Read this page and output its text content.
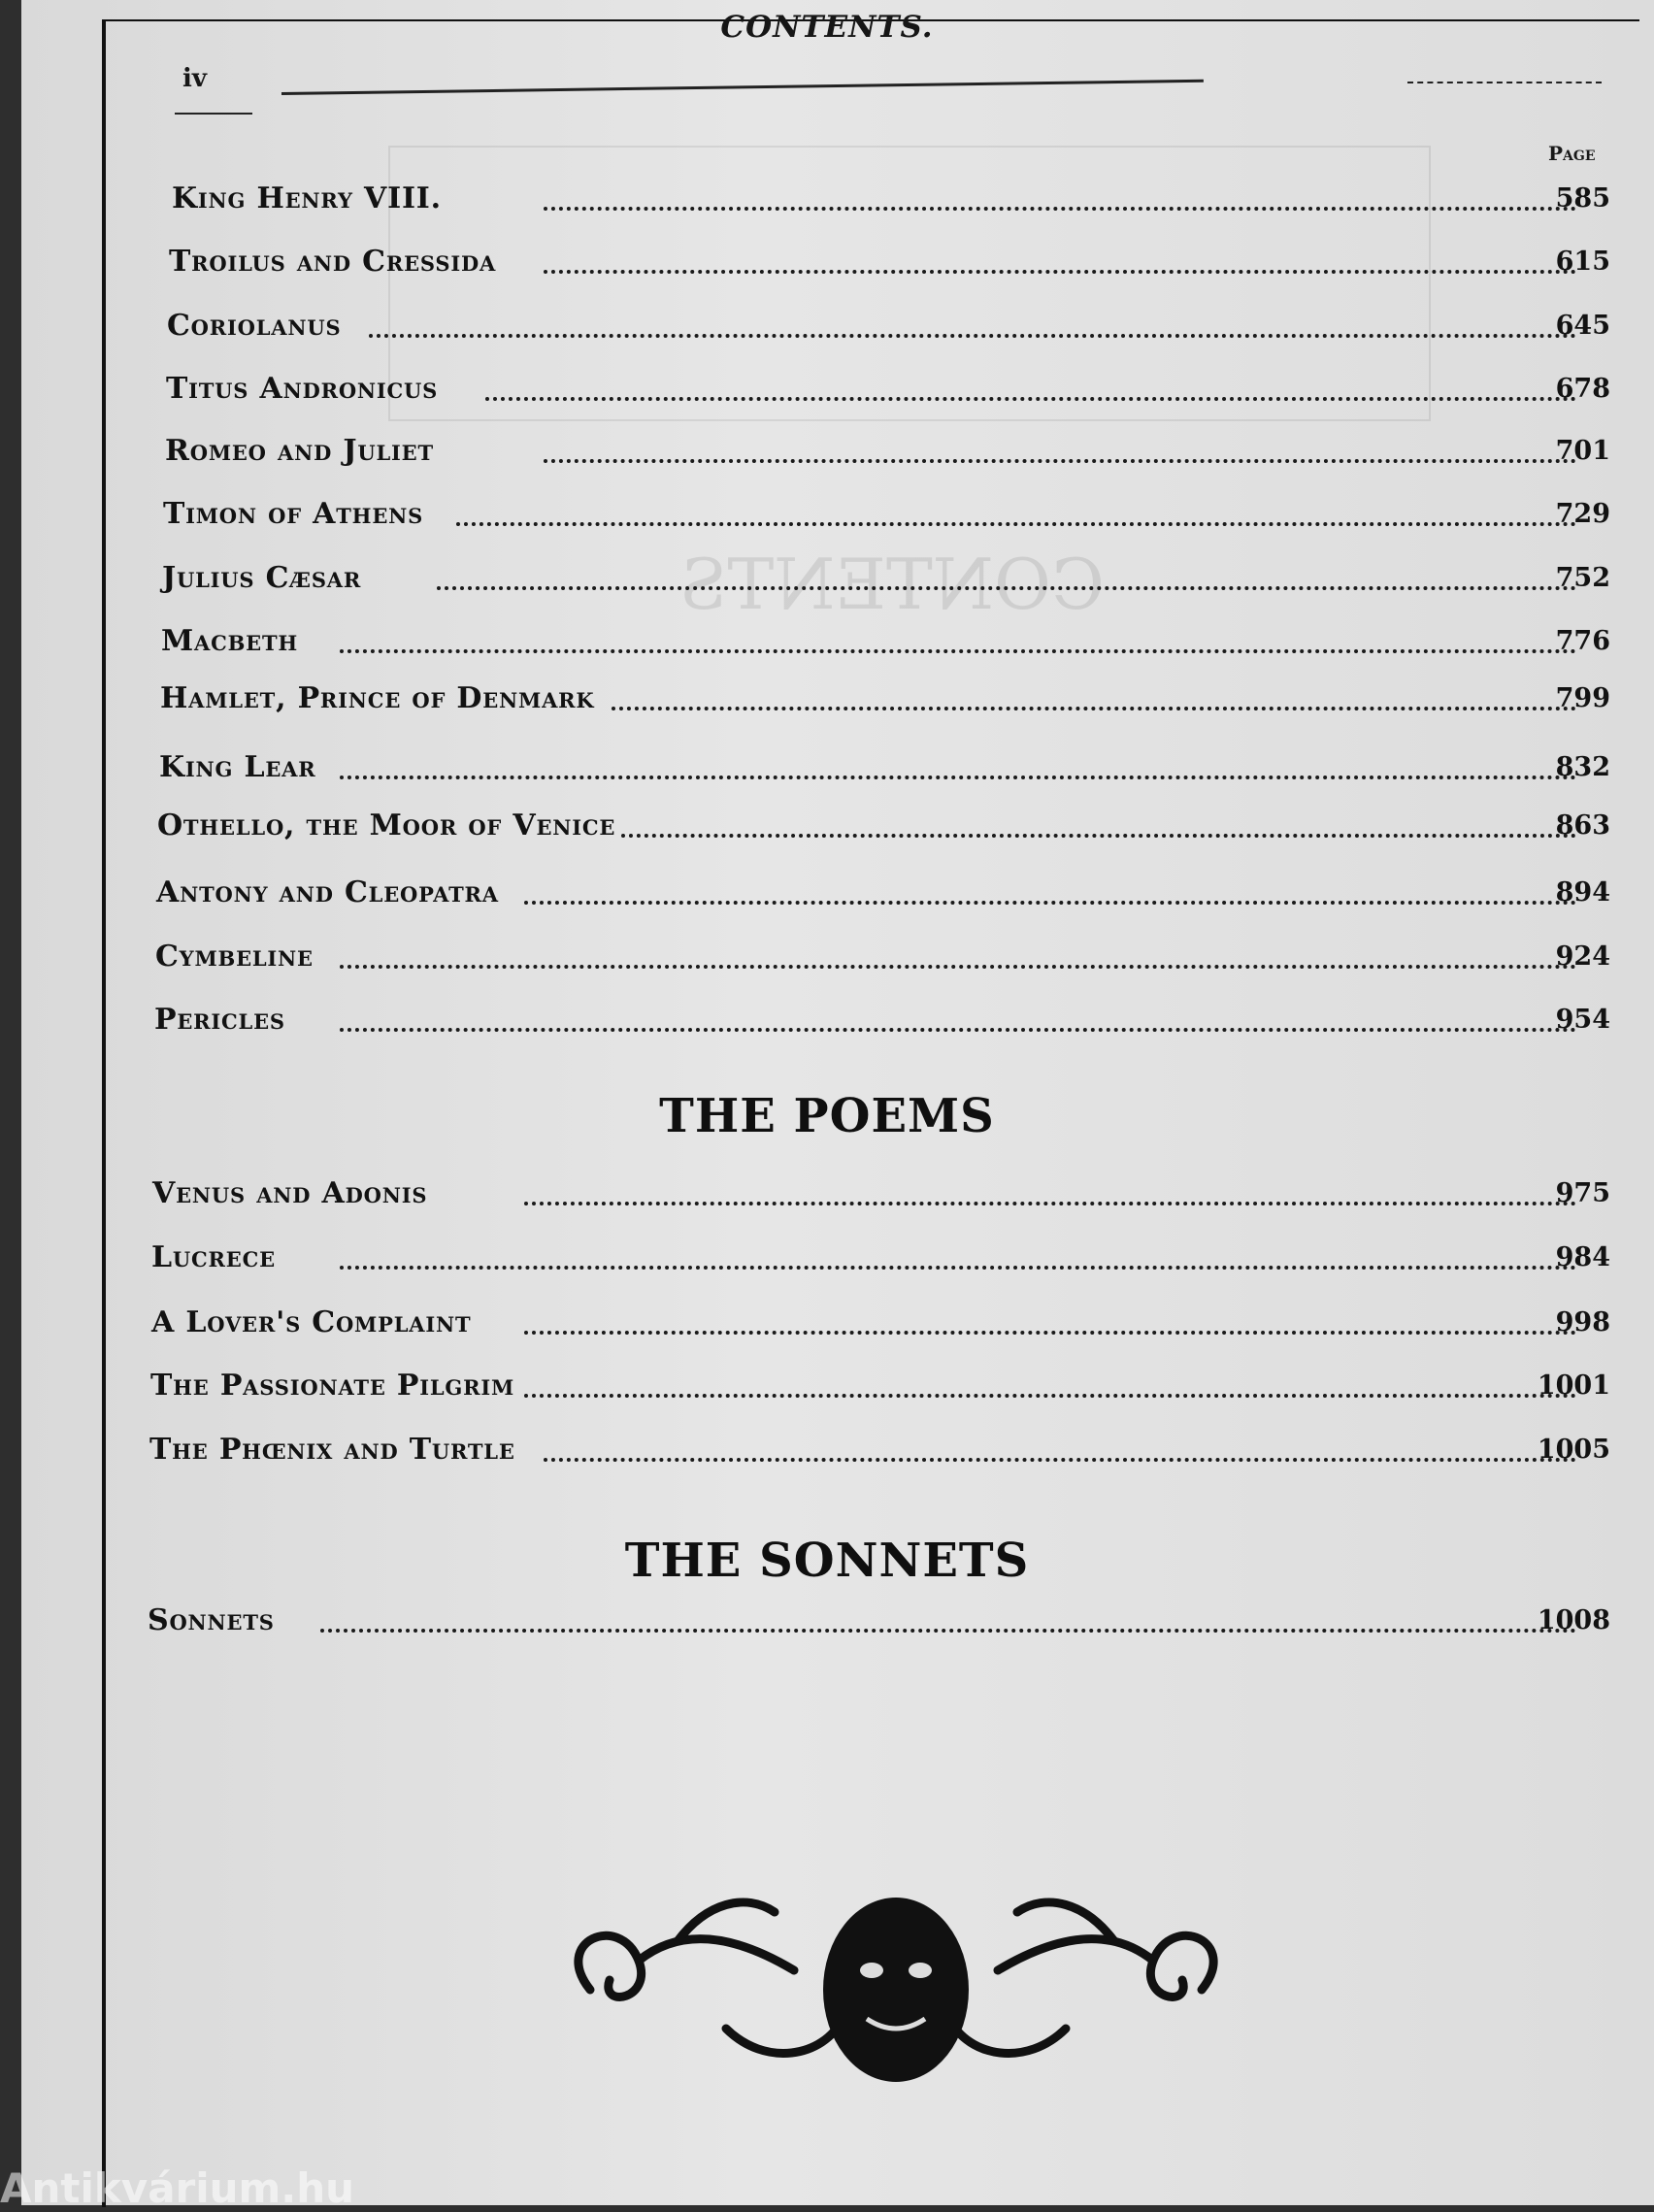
CONTENTS
CONTENTS.
iv
Page
King Henry VIII.	585
Troilus and Cressida	615
Coriolanus	645
Titus Andronicus	678
Romeo and Juliet	701
Timon of Athens	729
Julius Cæsar	752
Macbeth	776
Hamlet, Prince of Denmark	799
King Lear	832
Othello, the Moor of Venice	863
Antony and Cleopatra	894
Cymbeline	924
Pericles	954
THE POEMS
Venus and Adonis	975
Lucrece	984
A Lover's Complaint	998
The Passionate Pilgrim	1001
The Phœnix and Turtle	1005
THE SONNETS
Sonnets	1008
Antikvárium.hu
